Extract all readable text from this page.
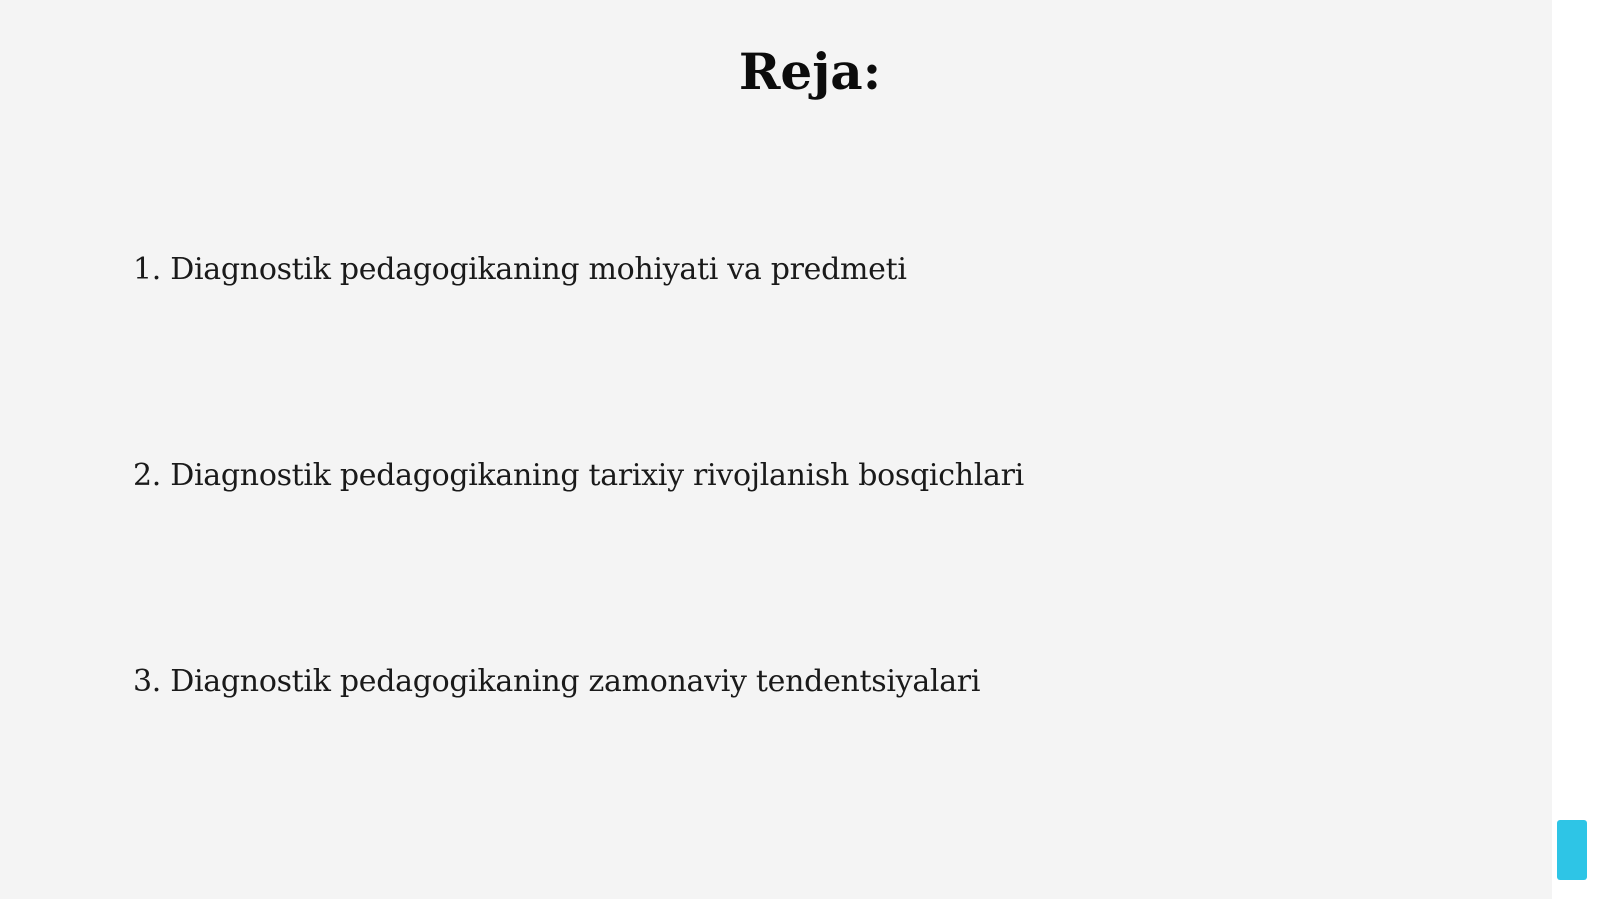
Reja:
1. Diagnostik pedagogikaning mohiyati va predmeti
2. Diagnostik pedagogikaning tarixiy rivojlanish bosqichlari
3. Diagnostik pedagogikaning zamonaviy tendentsiyalari
